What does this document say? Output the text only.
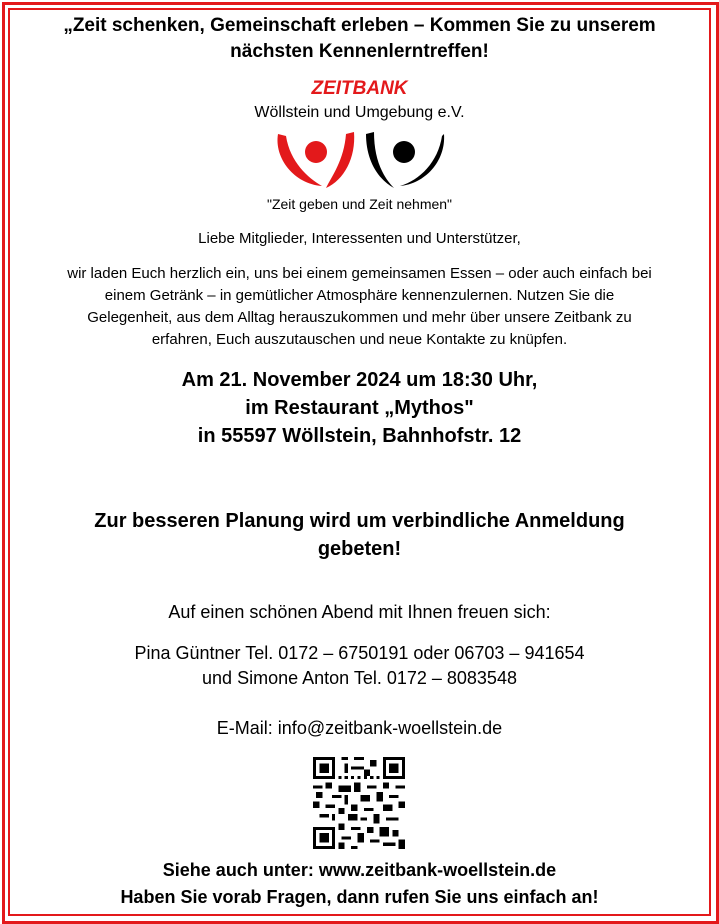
„Zeit schenken, Gemeinschaft erleben – Kommen Sie zu unserem
nächsten Kennenlerntreffen!
ZEITBANK
Wöllstein und Umgebung e.V.
"Zeit geben und Zeit nehmen"
Liebe Mitglieder, Interessenten und Unterstützer,
wir laden Euch herzlich ein, uns bei einem gemeinsamen Essen – oder auch einfach bei
einem Getränk – in gemütlicher Atmosphäre kennenzulernen. Nutzen Sie die
Gelegenheit, aus dem Alltag herauszukommen und mehr über unsere Zeitbank zu
erfahren, Euch auszutauschen und neue Kontakte zu knüpfen.
Am 21. November 2024 um 18:30 Uhr,
im Restaurant „Mythos"
in 55597 Wöllstein, Bahnhofstr. 12
Zur besseren Planung wird um verbindliche Anmeldung
gebeten!
Auf einen schönen Abend mit Ihnen freuen sich:
Pina Güntner Tel. 0172 – 6750191 oder 06703 – 941654
und Simone Anton Tel. 0172 – 8083548
E-Mail: info@zeitbank-woellstein.de
Siehe auch unter: www.zeitbank-woellstein.de
Haben Sie vorab Fragen, dann rufen Sie uns einfach an!
